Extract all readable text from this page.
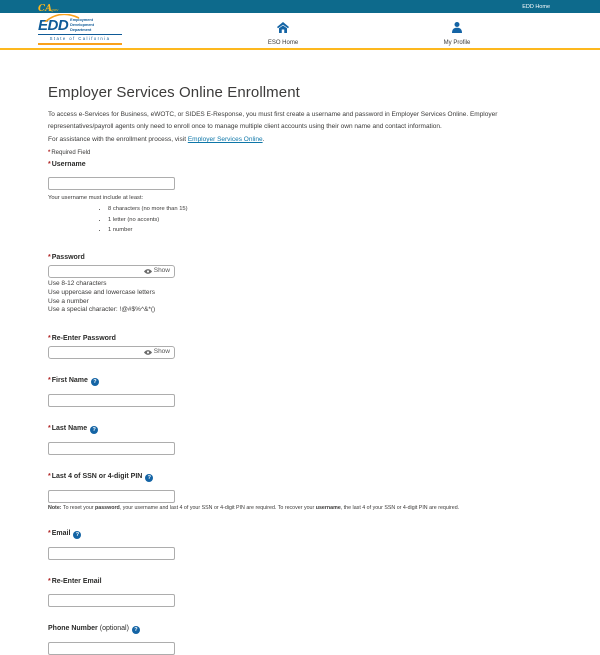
CAgov	EDD Home
EDD Employment
Development
Department
State of California
ESO Home	My Profile
Employer Services Online Enrollment

To access e-Services for Business, eWOTC, or SIDES E-Response, you must first create a username and password in Employer Services Online. Employer representatives/payroll agents only need to enroll once to manage multiple client accounts using their own name and contact information.

For assistance with the enrollment process, visit Employer Services Online.

*Required Field

*Username

Your username must include at least:

• 8 characters (no more than 15)
• 1 letter (no accents)
• 1 number
*Password
Show
Use 8-12 characters
Use uppercase and lowercase letters
Use a number
Use a special character: !@#$%^&*()
*Re-Enter Password
Show
*First Name ?
*Last Name ?
*Last 4 of SSN or 4-digit PIN ?

Note: To reset your password, your username and last 4 of your SSN or 4-digit PIN are required. To recover your username, the last 4 of your SSN or 4-digit PIN are required.

*Email ?
*Re-Enter Email
Phone Number (optional) ?
